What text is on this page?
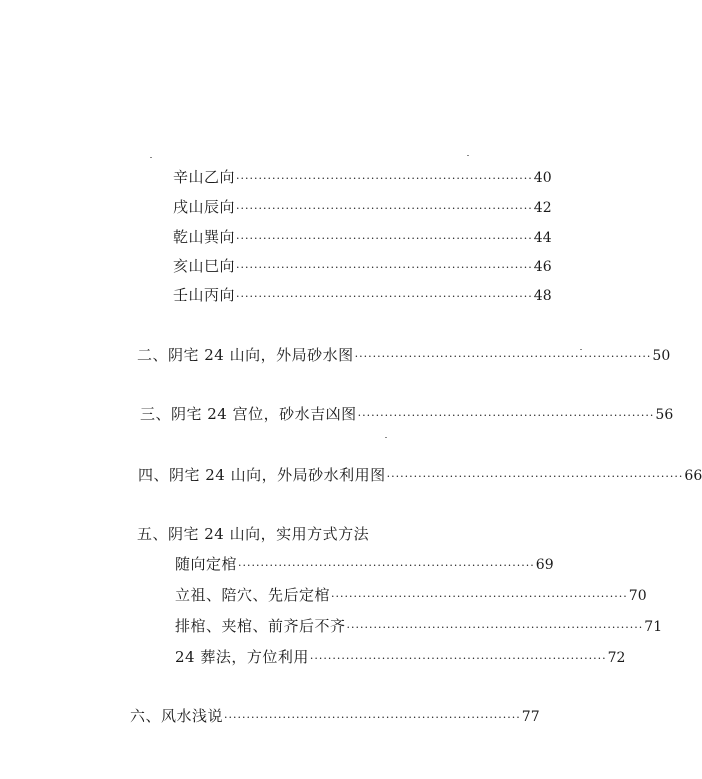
辛山乙向 ·································································· 40
戌山辰向 ·································································· 42
乾山巽向 ·································································· 44
亥山巳向 ·································································· 46
壬山丙向 ·································································· 48
二、阴宅 24 山向，外局砂水图 ·································································· 50
三、阴宅 24 宫位，砂水吉凶图 ·································································· 56
四、阴宅 24 山向，外局砂水利用图 ·································································· 66
五、阴宅 24 山向，实用方式方法
随向定棺 ·································································· 69
立祖、陪穴、先后定棺 ·································································· 70
排棺、夹棺、前齐后不齐 ·································································· 71
24 葬法，方位利用 ·································································· 72
六、风水浅说 ·································································· 77
